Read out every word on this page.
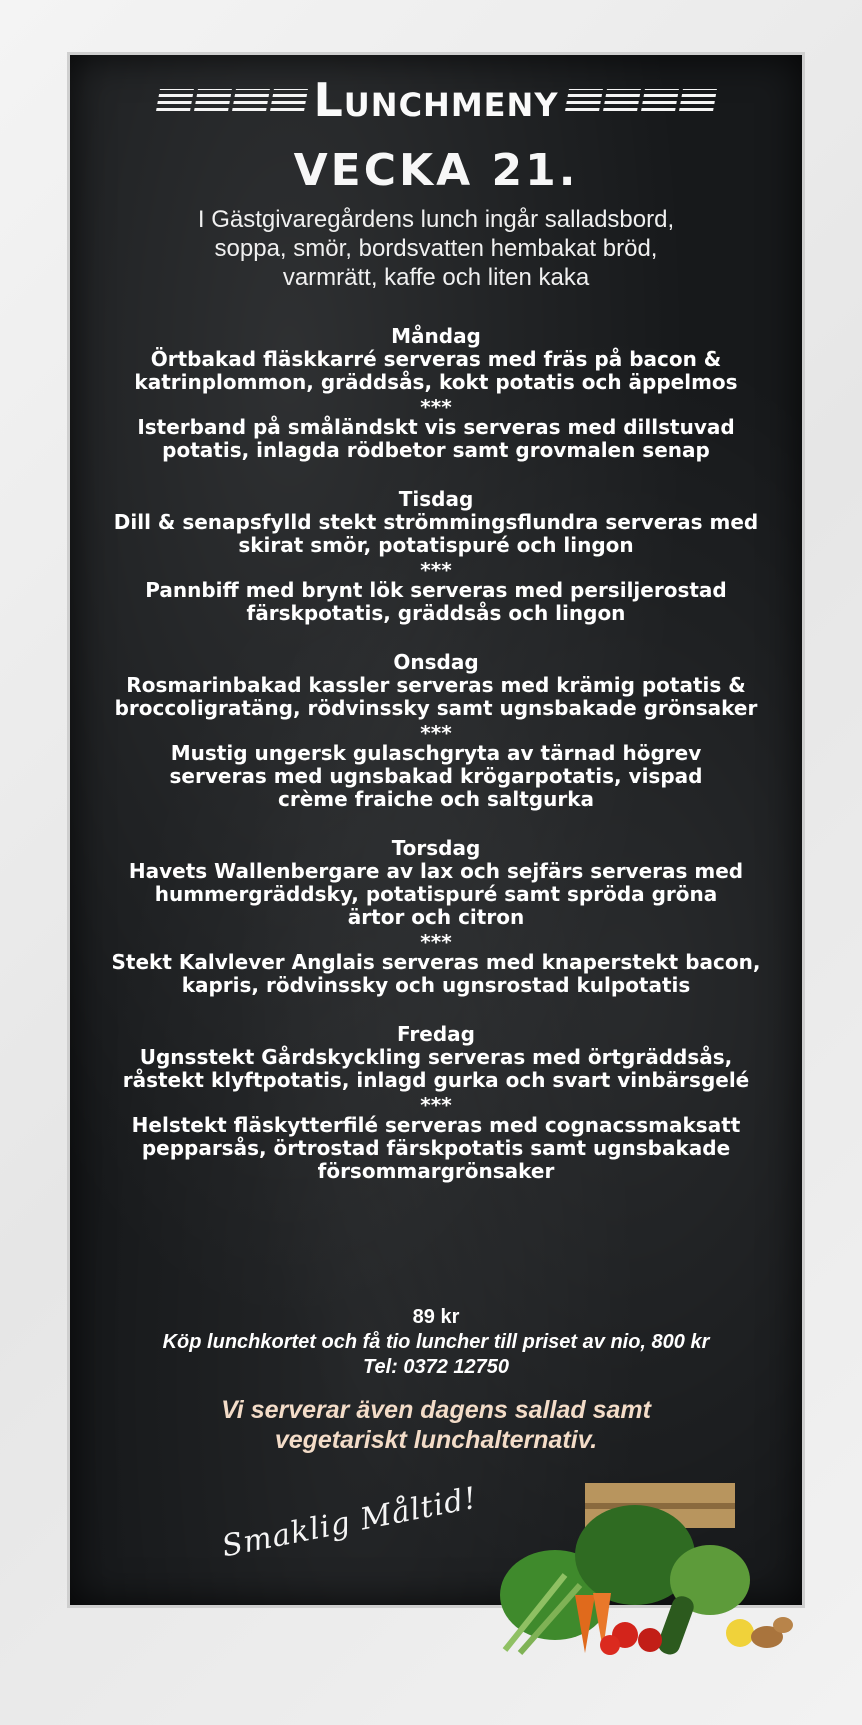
Lunchmeny
VECKA 21.
I Gästgivaregårdens lunch ingår salladsbord,
soppa, smör, bordsvatten hembakat bröd,
varmrätt, kaffe och liten kaka
Måndag
Örtbakad fläskkarré serveras med fräs på bacon &
katrinplommon, gräddsås, kokt potatis och äppelmos
***
Isterband på småländskt vis serveras med dillstuvad
potatis, inlagda rödbetor samt grovmalen senap
Tisdag
Dill & senapsfylld stekt strömmingsflundra serveras med
skirat smör, potatispuré och lingon
***
Pannbiff med brynt lök serveras med persiljerostad
färskpotatis, gräddsås och lingon
Onsdag
Rosmarinbakad kassler serveras med krämig potatis &
broccoligratäng, rödvinssky samt ugnsbakade grönsaker
***
Mustig ungersk gulaschgryta av tärnad högrev
serveras med ugnsbakad krögarpotatis, vispad
crème fraiche och saltgurka
Torsdag
Havets Wallenbergare av lax och sejfärs serveras med
hummergräddsky, potatispuré samt spröda gröna
ärtor och citron
***
Stekt Kalvlever Anglais serveras med knaperstekt bacon,
kapris, rödvinssky och ugnsrostad kulpotatis
Fredag
Ugnsstekt Gårdskyckling serveras med örtgräddsås,
råstekt klyftpotatis, inlagd gurka och svart vinbärsgelé
***
Helstekt fläskytterfilé serveras med cognacssmaksatt
pepparsås, örtrostad färskpotatis samt ugnsbakade
försommargrönsaker
89 kr
Köp lunchkortet och få tio luncher till priset av nio, 800 kr
Tel: 0372 12750
Vi serverar även dagens sallad samt
vegetariskt lunchalternativ.
Smaklig Måltid!
